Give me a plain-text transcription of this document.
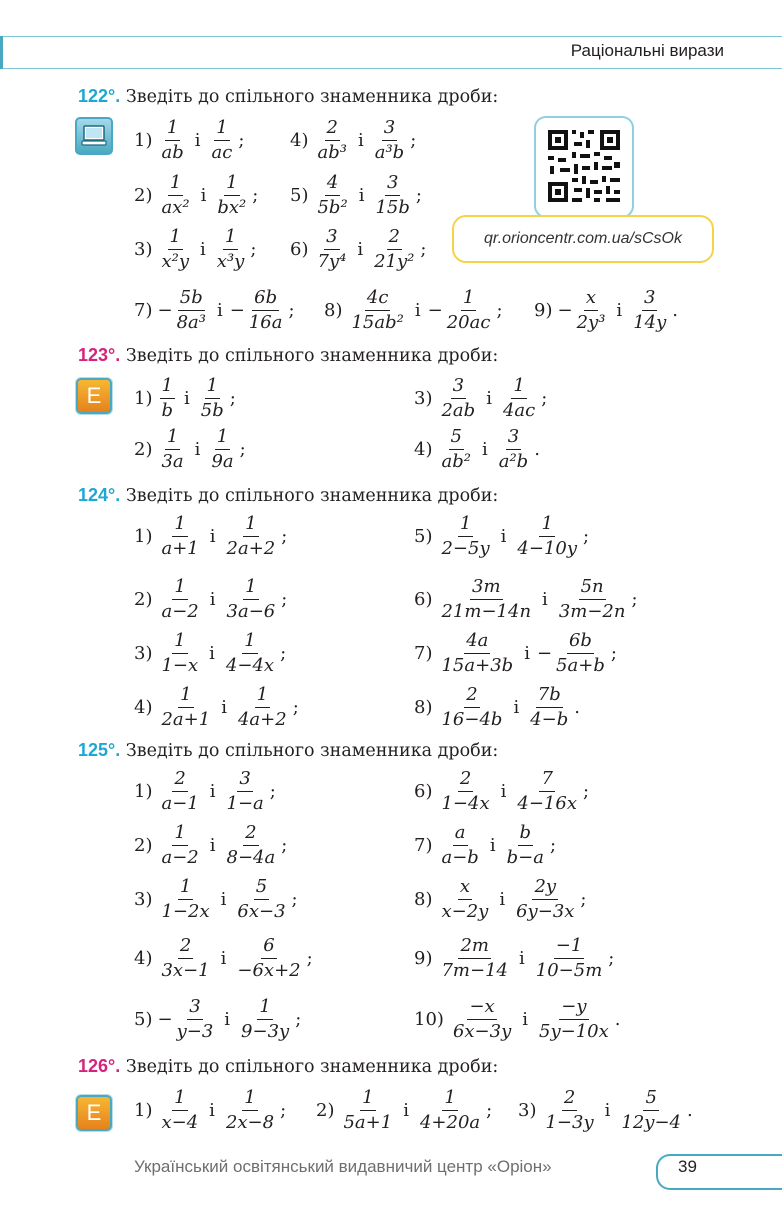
Раціональні вирази
qr.orioncentr.com.ua/sCsOk
E
E
122°. Зведіть до спільного знаменника дроби:
123°. Зведіть до спільного знаменника дроби:
124°. Зведіть до спільного знаменника дроби:
125°. Зведіть до спільного знаменника дроби:
126°. Зведіть до спільного знаменника дроби:
$1) \frac{1}{ab}$ і $\frac{1}{ac}$ ;	$4) \frac{2}{\text{ab³}}$ і $\frac{3}{\text{a³b}}$ ;
$2) \frac{1}{\text{ax²}}$ і $\frac{1}{\text{bx²}}$ ; $5) \frac{4}{\text{5b²}}$ і $\frac{3}{15b}$ ;
$3) \frac{1}{\text{x²y}}$ і $\frac{1}{\text{x³y}}$ ; $6) \frac{3}{\text{7y⁴}}$ і $\frac{2}{\text{21y²}}$ ;
$7) - \frac{5b}{\text{8a³}}$ $і - \frac{6b}{16a}$ ; $8) \frac{4c}{\text{15ab²}}$ $і - \frac{1}{20ac}$ ; $9) - \frac{x}{\text{2y³}}$ і $\frac{3}{14y}$ .
$1) \frac{1}{b}$ і $\frac{1}{5b}$ ;	$3) \frac{3}{2ab}$ і $\frac{1}{4ac}$ ;
$2) \frac{1}{3a}$ і $\frac{1}{9a}$ ;	$4) \frac{5}{\text{ab²}}$ і $\frac{3}{\text{a²b}}$ .
$1) \frac{1}{a+1}$ і $\frac{1}{2a+2}$ ;	$5) \frac{1}{2-5y}$ і $\frac{1}{4-10y}$ ;
$2) \frac{1}{a-2}$ і $\frac{1}{3a-6}$ ;	$6) \frac{3m}{21m-14n}$ і $\frac{5n}{3m-2n}$ ;
$3) \frac{1}{1-x}$ і $\frac{1}{4-4x}$ ;	$7) \frac{4a}{15a+3b}$ $і - \frac{6b}{5a+b}$ ;
$4) \frac{1}{2a+1}$ і $\frac{1}{4a+2}$ ;	$8) \frac{2}{16-4b}$ і $\frac{7b}{4-b}$ .
$1) \frac{2}{a-1}$ і $\frac{3}{1-a}$ ;	$6) \frac{2}{1-4x}$ і $\frac{7}{4-16x}$ ;
$2) \frac{1}{a-2}$ і $\frac{2}{8-4a}$ ;	$7) \frac{a}{a-b}$ і $\frac{b}{b-a}$ ;
$3) \frac{1}{1-2x}$ і $\frac{5}{6x-3}$ ;	$8) \frac{x}{x-2y}$ і $\frac{2y}{6y-3x}$ ;
$4) \frac{2}{3x-1}$ і $\frac{6}{-6x+2}$ ;	$9) \frac{2m}{7m-14}$ і $\frac{-1}{10-5m}$ ;
$5) - \frac{3}{y-3}$ і $\frac{1}{9-3y}$ ;	$10) \frac{-x}{6x-3y}$ і $\frac{-y}{5y-10x}$ .
$1) \frac{1}{x-4}$ і $\frac{1}{2x-8}$ ; $2) \frac{1}{5a+1}$ і $\frac{1}{4+20a}$ ; $3) \frac{2}{1-3y}$ і $\frac{5}{12y-4}$ .
Український освітянський видавничий центр «Оріон»	39
